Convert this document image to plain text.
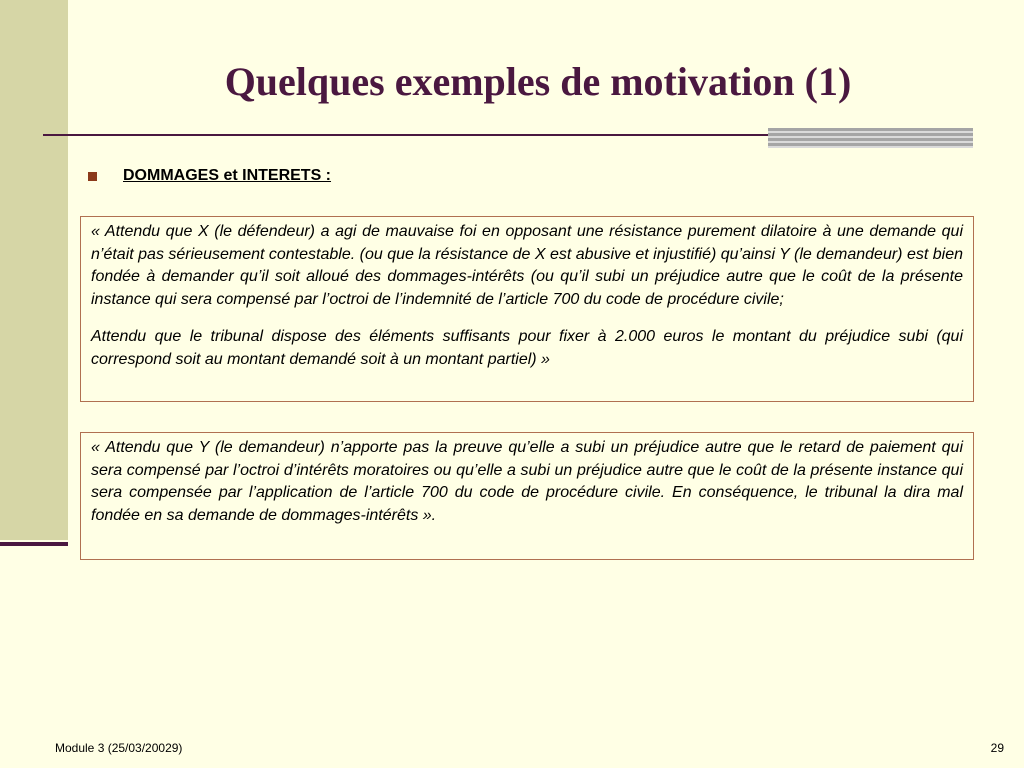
Quelques exemples de motivation (1)
DOMMAGES et INTERETS :

« Attendu que X (le défendeur) a agi de mauvaise foi en opposant une résistance purement dilatoire à une demande qui n’était pas sérieusement contestable. (ou que la résistance de X est abusive et injustifié) qu’ainsi Y (le demandeur) est bien fondée à demander qu’il soit alloué des dommages-intérêts (ou qu’il subi un préjudice autre que le coût de la présente instance qui sera compensé par l’octroi de l’indemnité de l’article 700 du code de procédure civile;

Attendu que le tribunal dispose des éléments suffisants pour fixer à 2.000 euros le montant du préjudice subi (qui correspond soit au montant demandé soit à un montant partiel) »

« Attendu que Y (le demandeur) n’apporte pas la preuve qu’elle a subi un préjudice autre que le retard de paiement qui sera compensé par l’octroi d’intérêts moratoires ou qu’elle a subi un préjudice autre que le coût de la présente instance qui sera compensée par l’application de l’article 700 du code de procédure civile. En conséquence, le tribunal la dira mal fondée en sa demande de dommages-intérêts ».

Module 3 (25/03/20029)	29
